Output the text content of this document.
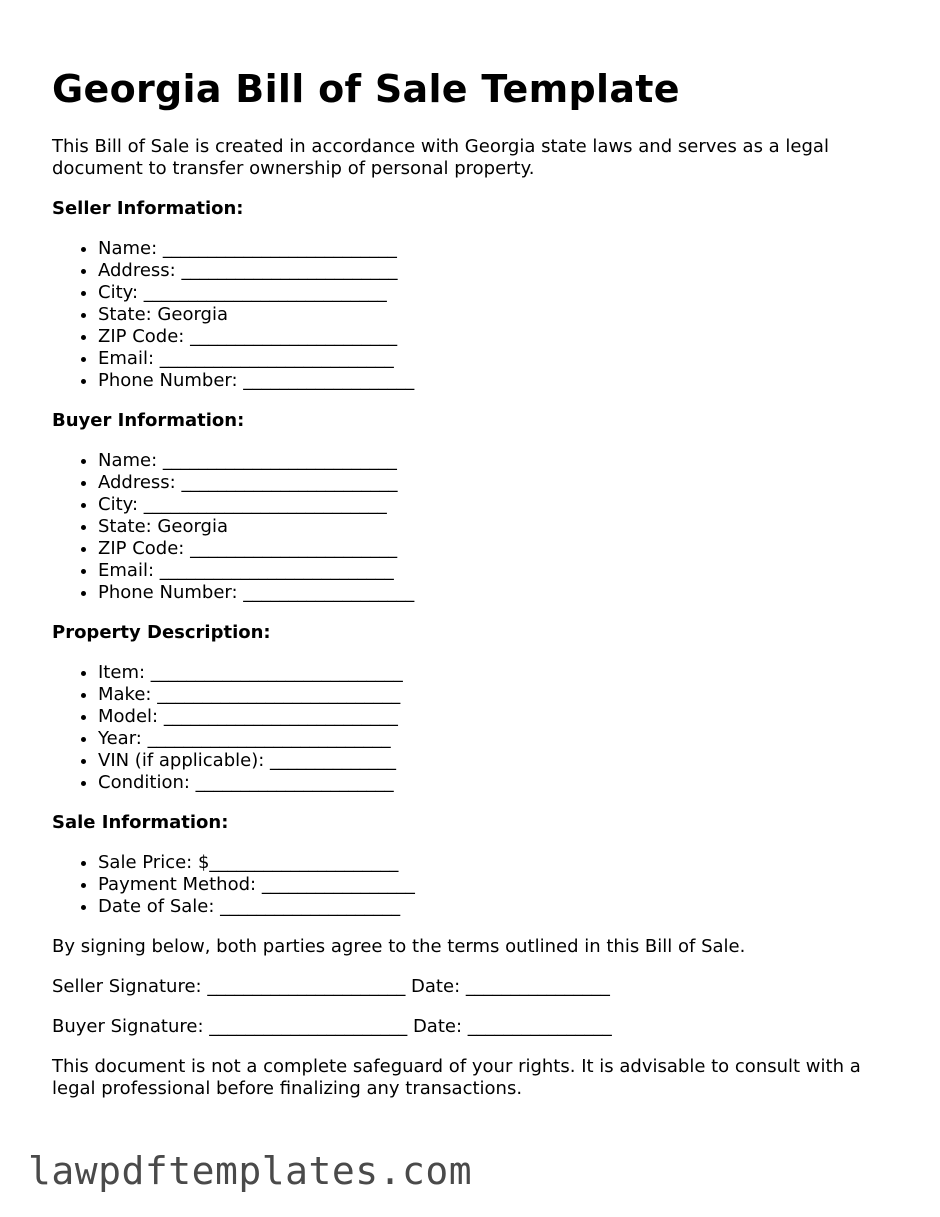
Georgia Bill of Sale Template

This Bill of Sale is created in accordance with Georgia state laws and serves as a legal document to transfer ownership of personal property.

Seller Information:
• Name: __________________________
• Address: ________________________
• City: ___________________________
• State: Georgia
• ZIP Code: _______________________
• Email: __________________________
• Phone Number: ___________________
Buyer Information:
• Name: __________________________
• Address: ________________________
• City: ___________________________
• State: Georgia
• ZIP Code: _______________________
• Email: __________________________
• Phone Number: ___________________
Property Description:
• Item: ____________________________
• Make: ___________________________
• Model: __________________________
• Year: ___________________________
• VIN (if applicable): ______________
• Condition: ______________________
Sale Information:
• Sale Price: $_____________________
• Payment Method: _________________
• Date of Sale: ____________________

By signing below, both parties agree to the terms outlined in this Bill of Sale.

Seller Signature: ______________________ Date: ________________

Buyer Signature: ______________________ Date: ________________

This document is not a complete safeguard of your rights. It is advisable to consult with a legal professional before finalizing any transactions.

lawpdftemplates.com
